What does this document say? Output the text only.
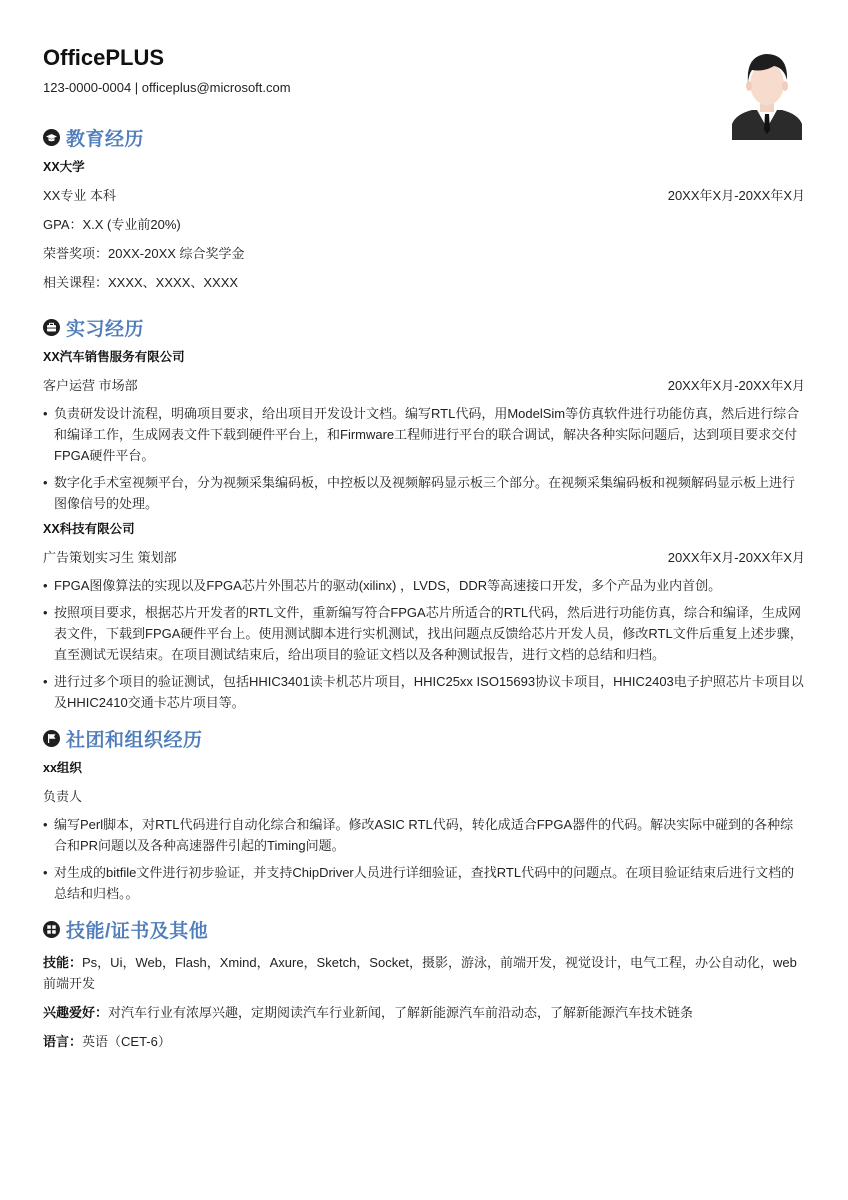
OfficePLUS
123-0000-0004 | officeplus@microsoft.com
教育经历
XX大学
XX专业 本科	20XX年X月-20XX年X月
GPA：X.X (专业前20%)
荣誉奖项：20XX-20XX 综合奖学金
相关课程：XXXX、XXXX、XXXX
实习经历
XX汽车销售服务有限公司
客户运营 市场部	20XX年X月-20XX年X月
• 负责研发设计流程，明确项目要求，给出项目开发设计文档。编写RTL代码，用ModelSim等仿真软件进行功能仿真，然后进行综合和编译工作，生成网表文件下载到硬件平台上，和Firmware工程师进行平台的联合调试，解决各种实际问题后，达到项目要求交付FPGA硬件平台。
• 数字化手术室视频平台，分为视频采集编码板，中控板以及视频解码显示板三个部分。在视频采集编码板和视频解码显示板上进行图像信号的处理。
XX科技有限公司
广告策划实习生 策划部	20XX年X月-20XX年X月
• FPGA图像算法的实现以及FPGA芯片外围芯片的驱动(xilinx) ，LVDS，DDR等高速接口开发，多个产品为业内首创。
• 按照项目要求，根据芯片开发者的RTL文件，重新编写符合FPGA芯片所适合的RTL代码，然后进行功能仿真，综合和编译，生成网表文件，下载到FPGA硬件平台上。使用测试脚本进行实机测试，找出问题点反馈给芯片开发人员，修改RTL文件后重复上述步骤，直至测试无误结束。在项目测试结束后，给出项目的验证文档以及各种测试报告，进行文档的总结和归档。
• 进行过多个项目的验证测试，包括HHIC3401读卡机芯片项目，HHIC25xx ISO15693协议卡项目，HHIC2403电子护照芯片卡项目以及HHIC2410交通卡芯片项目等。
社团和组织经历
xx组织
负责人
• 编写Perl脚本，对RTL代码进行自动化综合和编译。修改ASIC RTL代码，转化成适合FPGA器件的代码。解决实际中碰到的各种综合和PR问题以及各种高速器件引起的Timing问题。
• 对生成的bitfile文件进行初步验证，并支持ChipDriver人员进行详细验证，查找RTL代码中的问题点。在项目验证结束后进行文档的总结和归档。。
技能/证书及其他
技能：Ps，Ui，Web，Flash，Xmind，Axure，Sketch，Socket，摄影，游泳，前端开发，视觉设计，电气工程，办公自动化，web前端开发
兴趣爱好：对汽车行业有浓厚兴趣，定期阅读汽车行业新闻，了解新能源汽车前沿动态，了解新能源汽车技术链条
语言：英语（CET-6）
